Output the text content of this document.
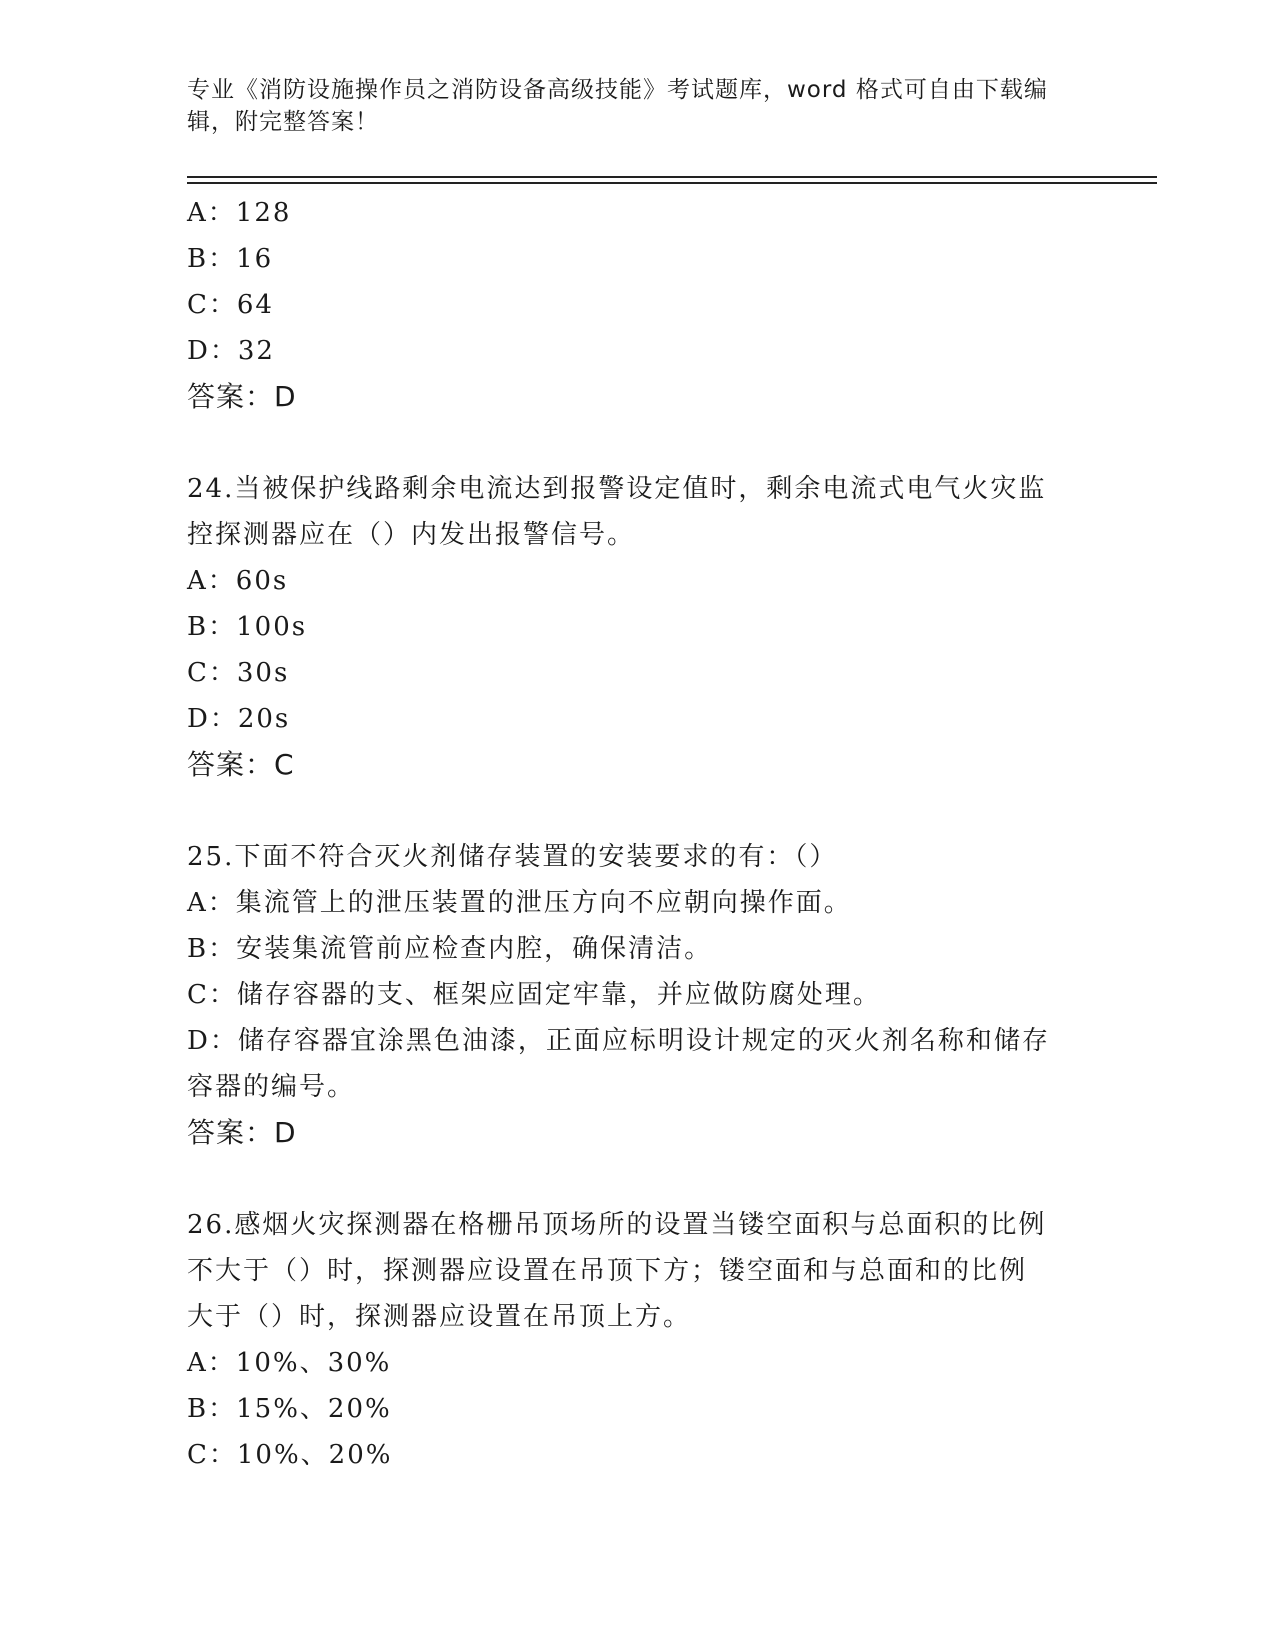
专业《消防设施操作员之消防设备高级技能》考试题库，word 格式可自由下载编
辑，附完整答案！
A：128
B：16
C：64
D：32
答案：D
24.当被保护线路剩余电流达到报警设定值时，剩余电流式电气火灾监
控探测器应在（）内发出报警信号。
A：60s
B：100s
C：30s
D：20s
答案：C
25.下面不符合灭火剂储存装置的安装要求的有：（）
A：集流管上的泄压装置的泄压方向不应朝向操作面。
B：安装集流管前应检查内腔，确保清洁。
C：储存容器的支、框架应固定牢靠，并应做防腐处理。
D：储存容器宜涂黑色油漆，正面应标明设计规定的灭火剂名称和储存
容器的编号。
答案：D
26.感烟火灾探测器在格栅吊顶场所的设置当镂空面积与总面积的比例
不大于（）时，探测器应设置在吊顶下方；镂空面和与总面和的比例
大于（）时，探测器应设置在吊顶上方。
A：10%、30%
B：15%、20%
C：10%、20%
